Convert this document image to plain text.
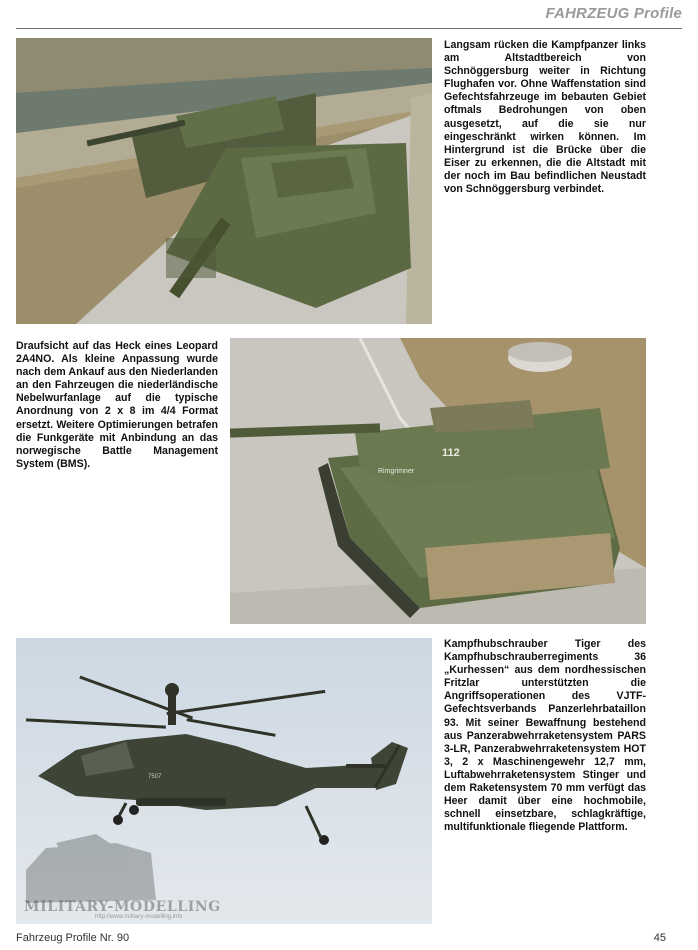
FAHRZEUG Profile

Langsam rücken die Kampfpanzer links am Altstadtbereich von Schnöggersburg weiter in Richtung Flughafen vor. Ohne Waffenstation sind Gefechtsfahrzeuge im bebauten Gebiet oftmals Bedrohungen von oben ausgesetzt, auf die sie nur eingeschränkt wirken können. Im Hintergrund ist die Brücke über die Eiser zu erkennen, die die Altstadt mit der noch im Bau befindlichen Neustadt von Schnöggersburg verbindet.

Draufsicht auf das Heck eines Leopard 2A4NO. Als kleine Anpassung wurde nach dem Ankauf aus den Niederlanden an den Fahrzeugen die niederländische Nebelwurfanlage auf die typische Anordnung von 2 x 8 im 4/4 Format ersetzt. Weitere Optimierungen betrafen die Funkgeräte mit Anbindung an das norwegische Battle Management System (BMS).

112
Rimgrimner
7507
MILITARY-MODELLING
http://www.military-modelling.info

Kampfhubschrauber Tiger des Kampfhubschrauberregiments 36 „Kurhessen“ aus dem nordhessischen Fritzlar unterstützten die Angriffsoperationen des VJTF-Gefechtsverbands Panzerlehrbataillon 93. Mit seiner Bewaffnung bestehend aus Panzerabwehrraketensystem PARS 3-LR, Panzerabwehrraketensystem HOT 3, 2 x Maschinengewehr 12,7 mm, Luftabwehrraketensystem Stinger und dem Raketensystem 70 mm verfügt das Heer damit über eine hochmobile, schnell einsetzbare, schlagkräftige, multifunktionale fliegende Plattform.

Fahrzeug Profile Nr. 90	45
